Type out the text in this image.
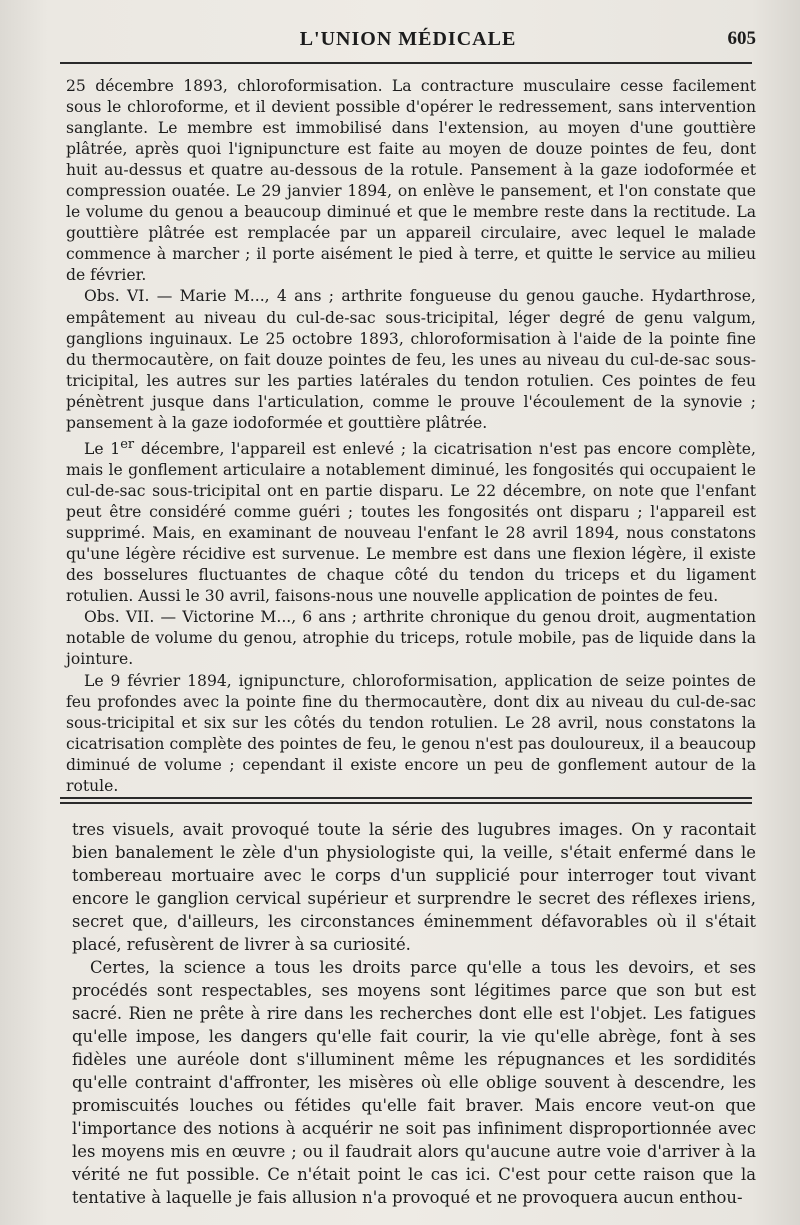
L'UNION MÉDICALE	605

25 décembre 1893, chloroformisation. La contracture musculaire cesse facilement sous le chloroforme, et il devient possible d'opérer le redressement, sans intervention sanglante. Le membre est immobilisé dans l'extension, au moyen d'une gouttière plâtrée, après quoi l'ignipuncture est faite au moyen de douze pointes de feu, dont huit au-dessus et quatre au-dessous de la rotule. Pansement à la gaze iodoformée et compression ouatée. Le 29 janvier 1894, on enlève le pansement, et l'on constate que le volume du genou a beaucoup diminué et que le membre reste dans la rectitude. La gouttière plâtrée est remplacée par un appareil circulaire, avec lequel le malade commence à marcher ; il porte aisément le pied à terre, et quitte le service au milieu de février.

Obs. VI. — Marie M..., 4 ans ; arthrite fongueuse du genou gauche. Hydarthrose, empâtement au niveau du cul-de-sac sous-tricipital, léger degré de genu valgum, ganglions inguinaux. Le 25 octobre 1893, chloroformisation à l'aide de la pointe fine du thermocautère, on fait douze pointes de feu, les unes au niveau du cul-de-sac sous-tricipital, les autres sur les parties latérales du tendon rotulien. Ces pointes de feu pénètrent jusque dans l'articulation, comme le prouve l'écoulement de la synovie ; pansement à la gaze iodoformée et gouttière plâtrée.

Le 1er décembre, l'appareil est enlevé ; la cicatrisation n'est pas encore complète, mais le gonflement articulaire a notablement diminué, les fongosités qui occupaient le cul-de-sac sous-tricipital ont en partie disparu. Le 22 décembre, on note que l'enfant peut être considéré comme guéri ; toutes les fongosités ont disparu ; l'appareil est supprimé. Mais, en examinant de nouveau l'enfant le 28 avril 1894, nous constatons qu'une légère récidive est survenue. Le membre est dans une flexion légère, il existe des bosselures fluctuantes de chaque côté du tendon du triceps et du ligament rotulien. Aussi le 30 avril, faisons-nous une nouvelle application de pointes de feu.

Obs. VII. — Victorine M..., 6 ans ; arthrite chronique du genou droit, augmentation notable de volume du genou, atrophie du triceps, rotule mobile, pas de liquide dans la jointure.

Le 9 février 1894, ignipuncture, chloroformisation, application de seize pointes de feu profondes avec la pointe fine du thermocautère, dont dix au niveau du cul-de-sac sous-tricipital et six sur les côtés du tendon rotulien. Le 28 avril, nous constatons la cicatrisation complète des pointes de feu, le genou n'est pas douloureux, il a beaucoup diminué de volume ; cependant il existe encore un peu de gonflement autour de la rotule.

tres visuels, avait provoqué toute la série des lugubres images. On y racontait bien banalement le zèle d'un physiologiste qui, la veille, s'était enfermé dans le tombereau mortuaire avec le corps d'un supplicié pour interroger tout vivant encore le ganglion cervical supérieur et surprendre le secret des réflexes iriens, secret que, d'ailleurs, les circonstances éminemment défavorables où il s'était placé, refusèrent de livrer à sa curiosité.

Certes, la science a tous les droits parce qu'elle a tous les devoirs, et ses procédés sont respectables, ses moyens sont légitimes parce que son but est sacré. Rien ne prête à rire dans les recherches dont elle est l'objet. Les fatigues qu'elle impose, les dangers qu'elle fait courir, la vie qu'elle abrège, font à ses fidèles une auréole dont s'illuminent même les répugnances et les sordidités qu'elle contraint d'affronter, les misères où elle oblige souvent à descendre, les promiscuités louches ou fétides qu'elle fait braver. Mais encore veut-on que l'importance des notions à acquérir ne soit pas infiniment disproportionnée avec les moyens mis en œuvre ; ou il faudrait alors qu'aucune autre voie d'arriver à la vérité ne fut possible. Ce n'était point le cas ici. C'est pour cette raison que la tentative à laquelle je fais allusion n'a provoqué et ne provoquera aucun enthou-
